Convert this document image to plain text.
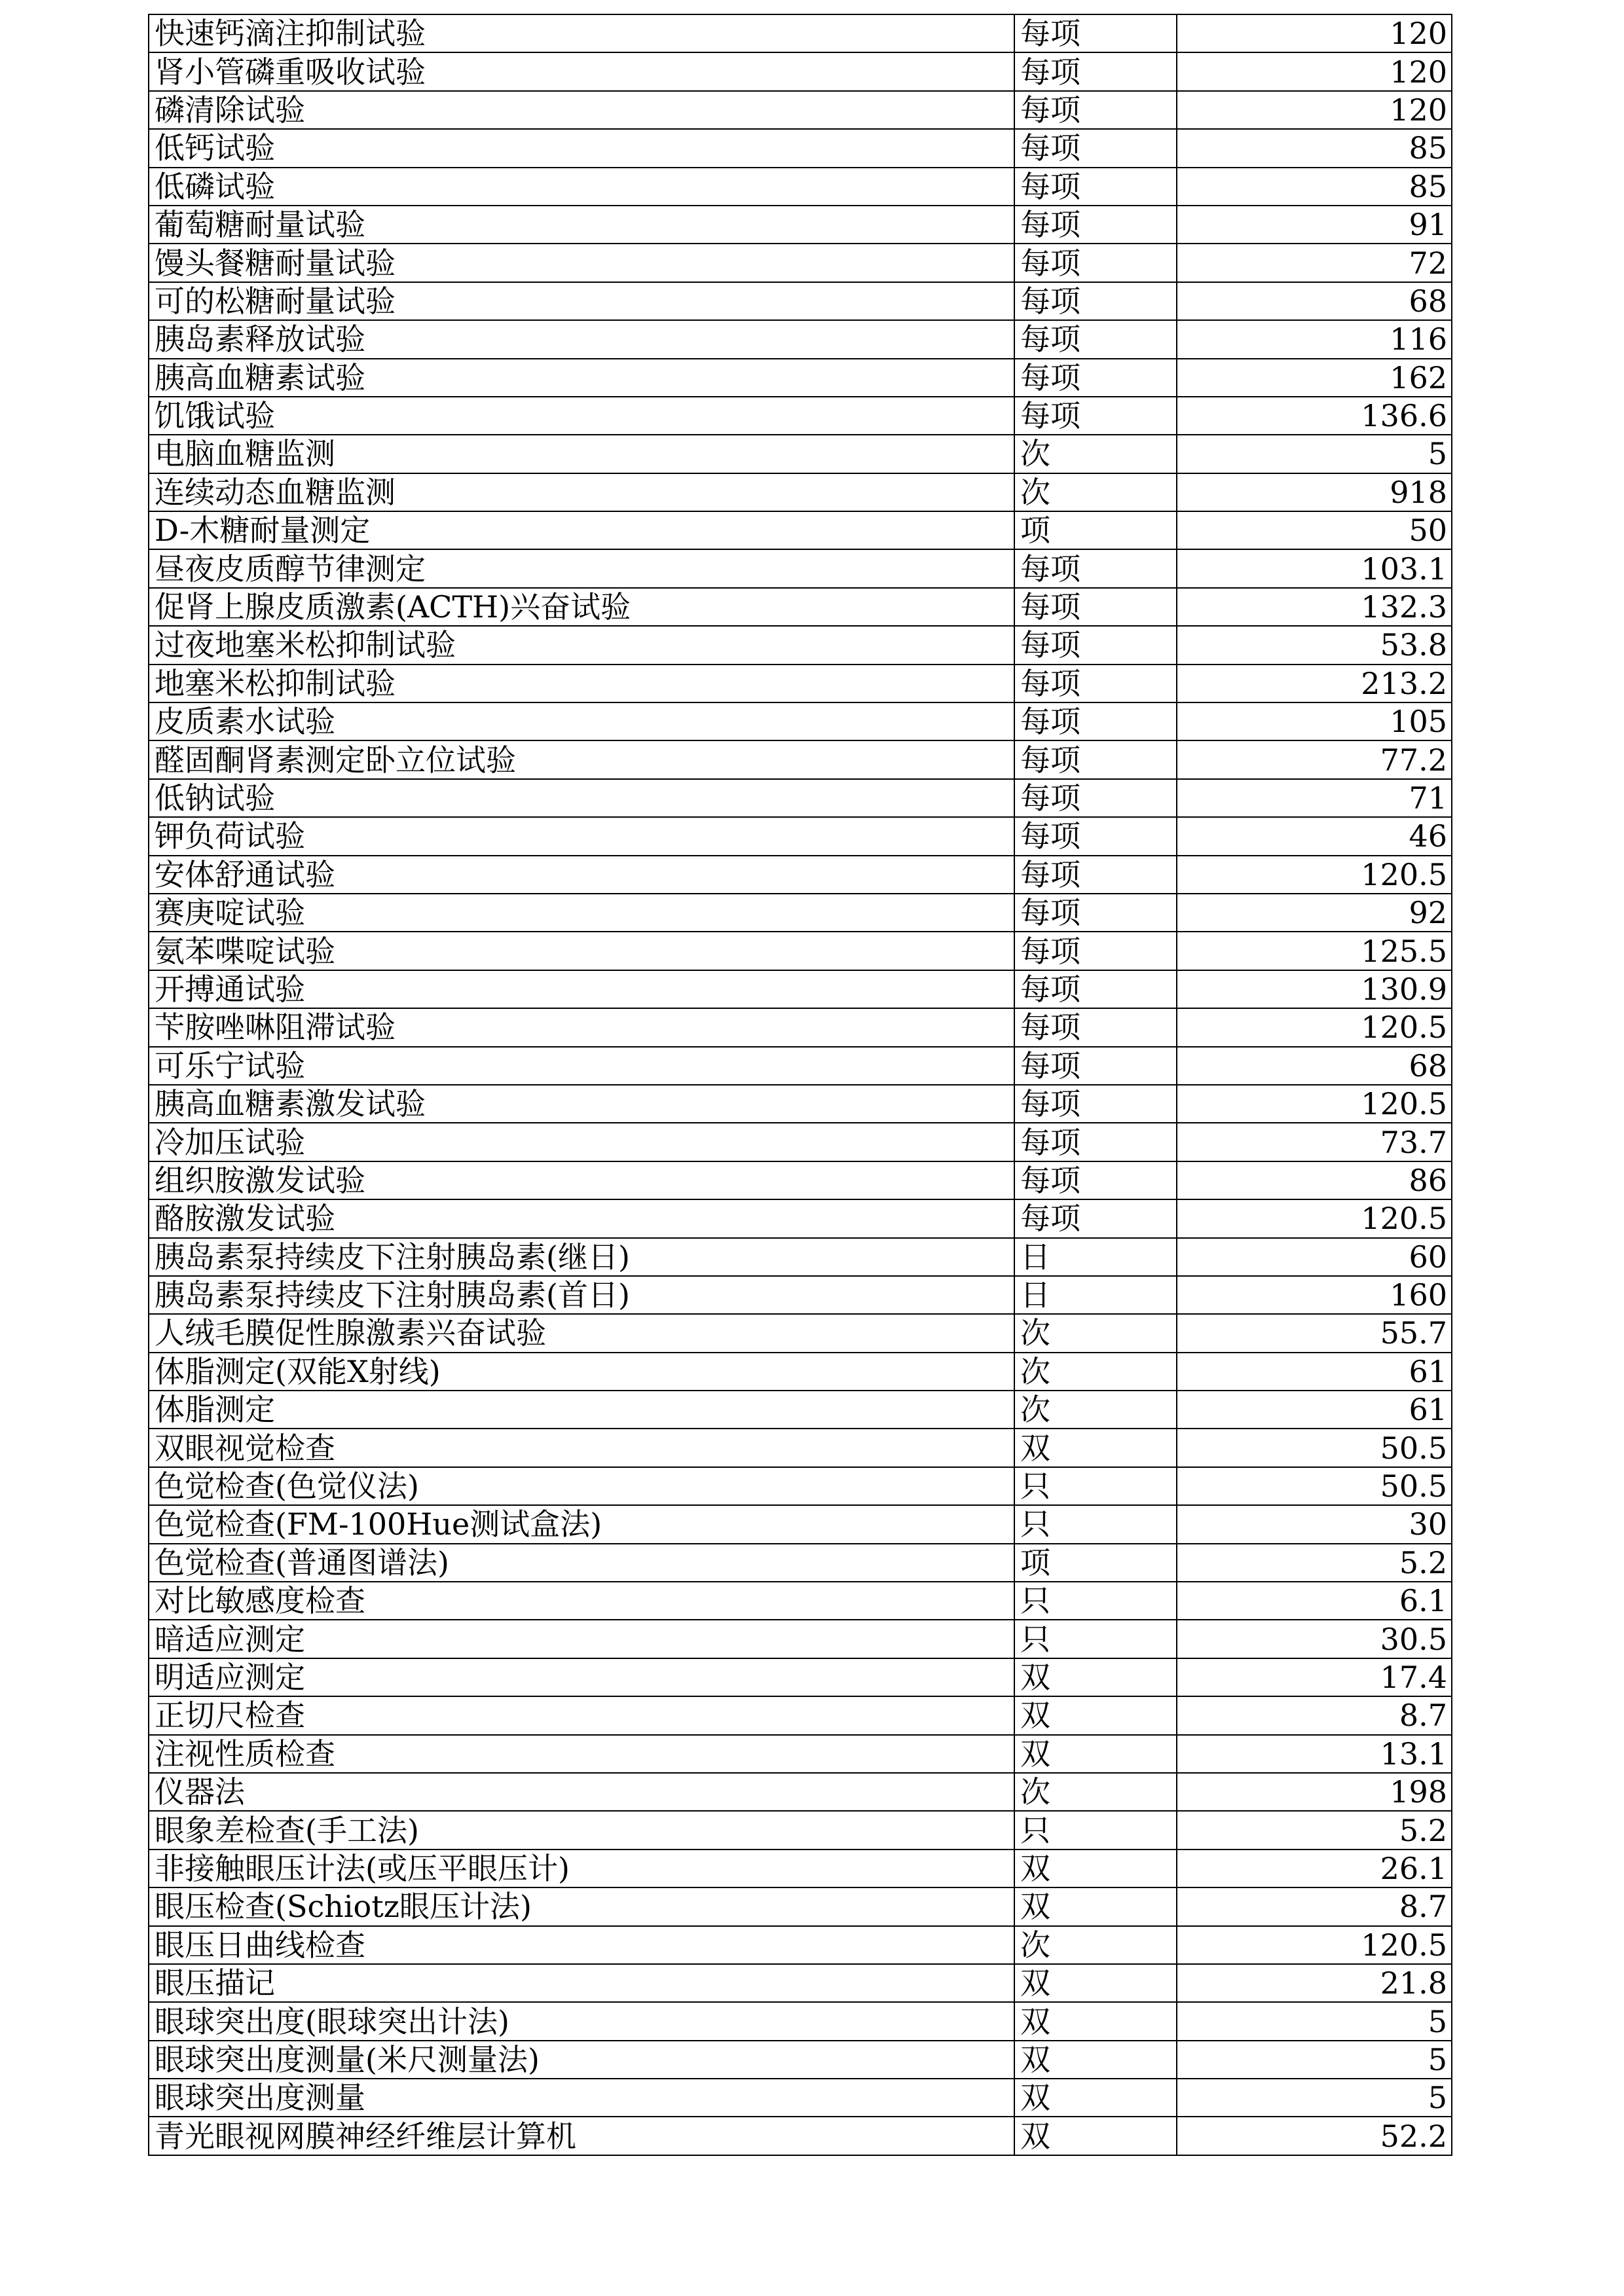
快速钙滴注抑制试验	每项	120
肾小管磷重吸收试验	每项	120
磷清除试验	每项	120
低钙试验	每项	85
低磷试验	每项	85
葡萄糖耐量试验	每项	91
馒头餐糖耐量试验	每项	72
可的松糖耐量试验	每项	68
胰岛素释放试验	每项	116
胰高血糖素试验	每项	162
饥饿试验	每项	136.6
电脑血糖监测	次	5
连续动态血糖监测	次	918
D-木糖耐量测定	项	50
昼夜皮质醇节律测定	每项	103.1
促肾上腺皮质激素(ACTH)兴奋试验	每项	132.3
过夜地塞米松抑制试验	每项	53.8
地塞米松抑制试验	每项	213.2
皮质素水试验	每项	105
醛固酮肾素测定卧立位试验	每项	77.2
低钠试验	每项	71
钾负荷试验	每项	46
安体舒通试验	每项	120.5
赛庚啶试验	每项	92
氨苯喋啶试验	每项	125.5
开搏通试验	每项	130.9
苄胺唑啉阻滞试验	每项	120.5
可乐宁试验	每项	68
胰高血糖素激发试验	每项	120.5
冷加压试验	每项	73.7
组织胺激发试验	每项	86
酪胺激发试验	每项	120.5
胰岛素泵持续皮下注射胰岛素(继日)	日	60
胰岛素泵持续皮下注射胰岛素(首日)	日	160
人绒毛膜促性腺激素兴奋试验	次	55.7
体脂测定(双能X射线)	次	61
体脂测定	次	61
双眼视觉检查	双	50.5
色觉检查(色觉仪法)	只	50.5
色觉检查(FM-100Hue测试盒法)	只	30
色觉检查(普通图谱法)	项	5.2
对比敏感度检查	只	6.1
暗适应测定	只	30.5
明适应测定	双	17.4
正切尺检查	双	8.7
注视性质检查	双	13.1
仪器法	次	198
眼象差检查(手工法)	只	5.2
非接触眼压计法(或压平眼压计)	双	26.1
眼压检查(Schiotz眼压计法)	双	8.7
眼压日曲线检查	次	120.5
眼压描记	双	21.8
眼球突出度(眼球突出计法)	双	5
眼球突出度测量(米尺测量法)	双	5
眼球突出度测量	双	5
青光眼视网膜神经纤维层计算机	双	52.2
